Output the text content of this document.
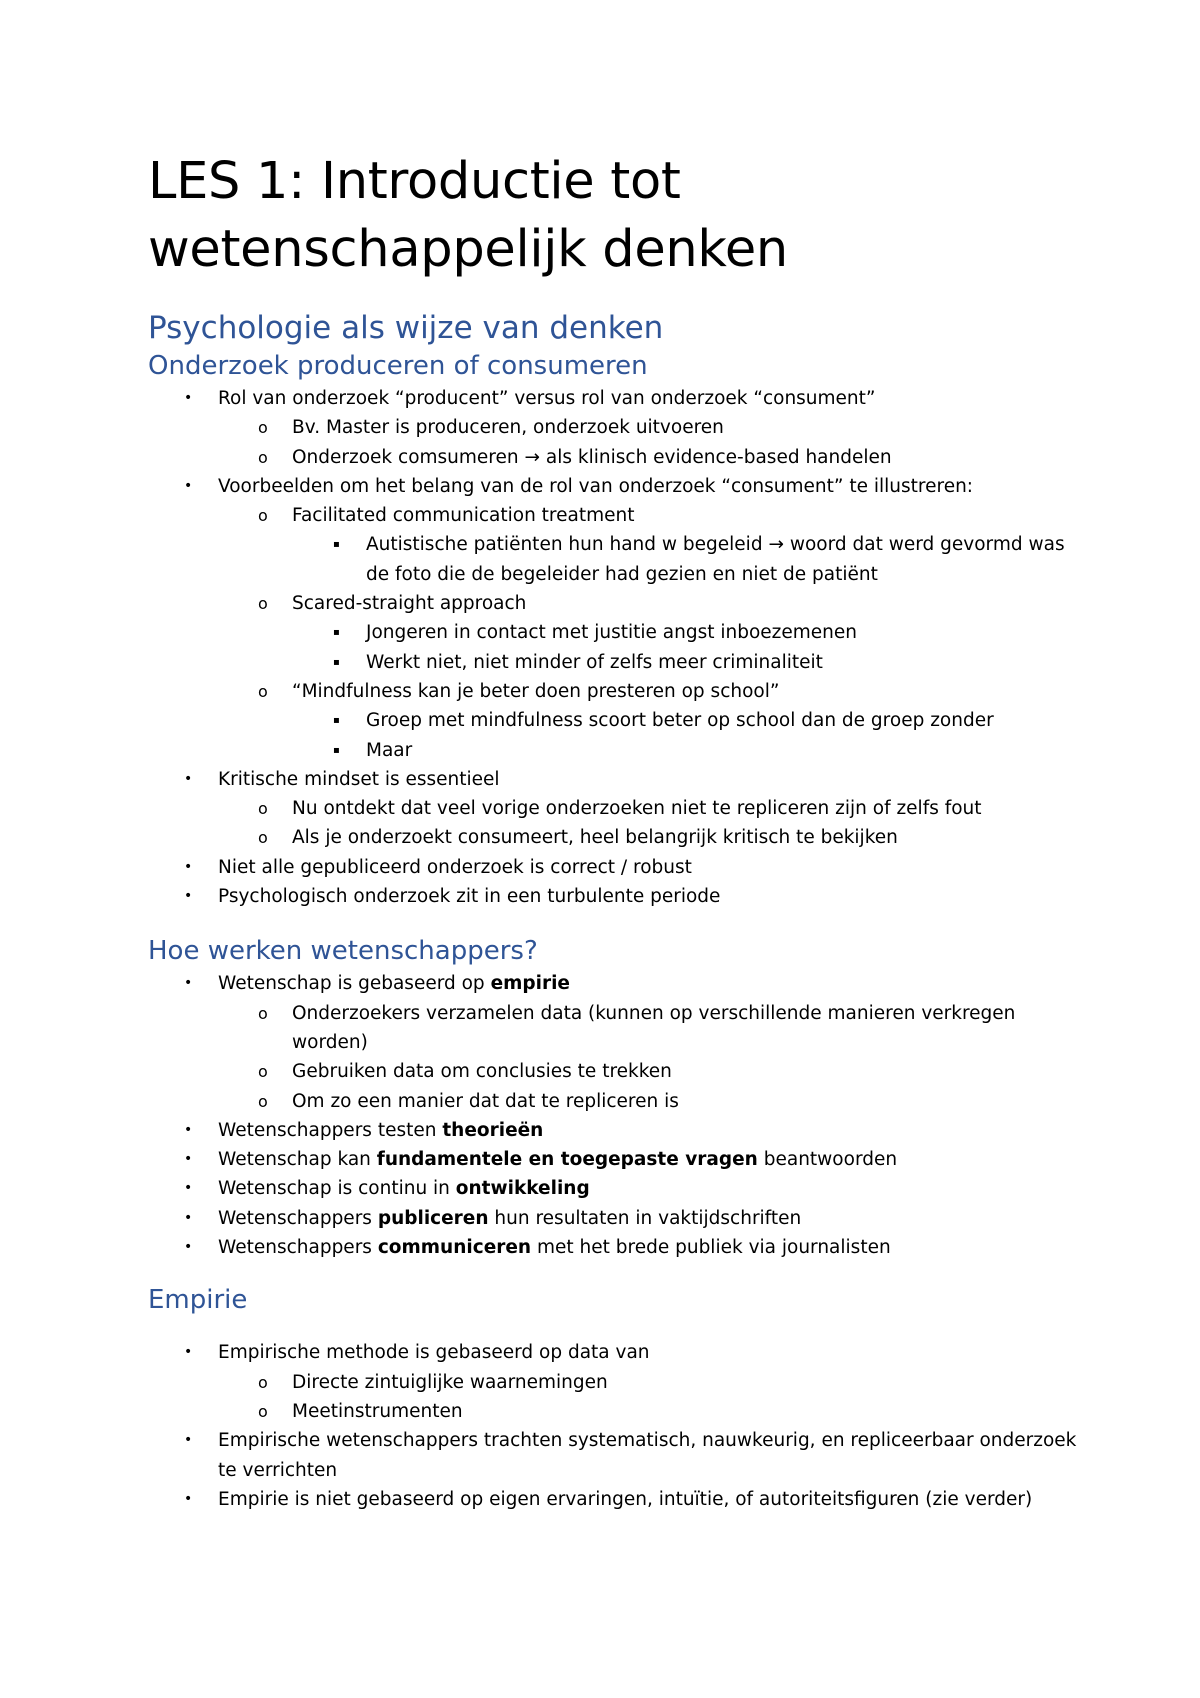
LES 1: Introductie tot
wetenschappelijk denken
Psychologie als wijze van denken
Onderzoek produceren of consumeren
• Rol van onderzoek “producent” versus rol van onderzoek “consument”
o Bv. Master is produceren, onderzoek uitvoeren
o Onderzoek comsumeren → als klinisch evidence-based handelen
• Voorbeelden om het belang van de rol van onderzoek “consument” te illustreren:
o Facilitated communication treatment
▪ Autistische patiënten hun hand w begeleid → woord dat werd gevormd was
de foto die de begeleider had gezien en niet de patiënt
o Scared-straight approach
▪ Jongeren in contact met justitie angst inboezemenen
▪ Werkt niet, niet minder of zelfs meer criminaliteit
o “Mindfulness kan je beter doen presteren op school”
▪ Groep met mindfulness scoort beter op school dan de groep zonder
▪ Maar
• Kritische mindset is essentieel
o Nu ontdekt dat veel vorige onderzoeken niet te repliceren zijn of zelfs fout
o Als je onderzoekt consumeert, heel belangrijk kritisch te bekijken
• Niet alle gepubliceerd onderzoek is correct / robust
• Psychologisch onderzoek zit in een turbulente periode
Hoe werken wetenschappers?
• Wetenschap is gebaseerd op empirie
o Onderzoekers verzamelen data (kunnen op verschillende manieren verkregen
worden)
o Gebruiken data om conclusies te trekken
o Om zo een manier dat dat te repliceren is
• Wetenschappers testen theorieën
• Wetenschap kan fundamentele en toegepaste vragen beantwoorden
• Wetenschap is continu in ontwikkeling
• Wetenschappers publiceren hun resultaten in vaktijdschriften
• Wetenschappers communiceren met het brede publiek via journalisten
Empirie
• Empirische methode is gebaseerd op data van
o Directe zintuiglijke waarnemingen
o Meetinstrumenten
• Empirische wetenschappers trachten systematisch, nauwkeurig, en repliceerbaar onderzoek
te verrichten
• Empirie is niet gebaseerd op eigen ervaringen, intuïtie, of autoriteitsfiguren (zie verder)
